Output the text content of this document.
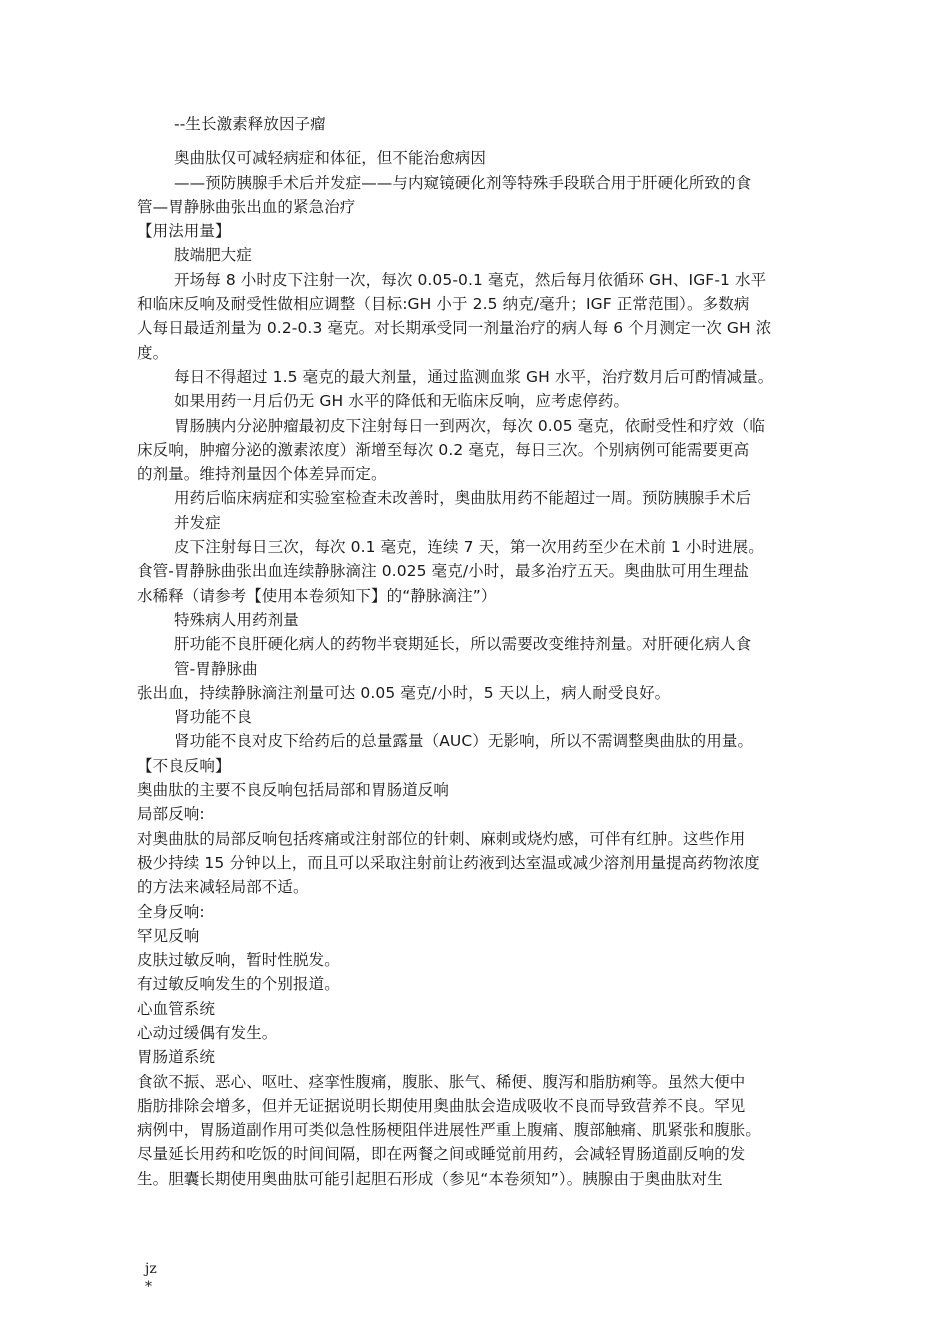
--生长激素释放因子瘤
奥曲肽仅可减轻病症和体征，但不能治愈病因
——预防胰腺手术后并发症——与内窥镜硬化剂等特殊手段联合用于肝硬化所致的食
管—胃静脉曲张出血的紧急治疗
【用法用量】
肢端肥大症
开场每 8 小时皮下注射一次，每次 0.05-0.1 毫克，然后每月依循环 GH、IGF-1 水平
和临床反响及耐受性做相应调整（目标:GH 小于 2.5 纳克/毫升；IGF 正常范围）。多数病
人每日最适剂量为 0.2-0.3 毫克。对长期承受同一剂量治疗的病人每 6 个月测定一次 GH 浓
度。
每日不得超过 1.5 毫克的最大剂量，通过监测血浆 GH 水平，治疗数月后可酌情减量。
如果用药一月后仍无 GH 水平的降低和无临床反响，应考虑停药。
胃肠胰内分泌肿瘤最初皮下注射每日一到两次，每次 0.05 毫克，依耐受性和疗效（临
床反响，肿瘤分泌的激素浓度）渐增至每次 0.2 毫克，每日三次。个别病例可能需要更高
的剂量。维持剂量因个体差异而定。
用药后临床病症和实验室检查未改善时，奥曲肽用药不能超过一周。预防胰腺手术后
并发症
皮下注射每日三次，每次 0.1 毫克，连续 7 天，第一次用药至少在术前 1 小时进展。
食管-胃静脉曲张出血连续静脉滴注 0.025 毫克/小时，最多治疗五天。奥曲肽可用生理盐
水稀释（请参考【使用本卷须知下】的“静脉滴注”）
特殊病人用药剂量
肝功能不良肝硬化病人的药物半衰期延长，所以需要改变维持剂量。对肝硬化病人食
管-胃静脉曲
张出血，持续静脉滴注剂量可达 0.05 毫克/小时，5 天以上，病人耐受良好。
肾功能不良
肾功能不良对皮下给药后的总量露量（AUC）无影响，所以不需调整奥曲肽的用量。
【不良反响】
奥曲肽的主要不良反响包括局部和胃肠道反响
局部反响:
对奥曲肽的局部反响包括疼痛或注射部位的针刺、麻刺或烧灼感，可伴有红肿。这些作用
极少持续 15 分钟以上，而且可以采取注射前让药液到达室温或减少溶剂用量提高药物浓度
的方法来减轻局部不适。
全身反响:
罕见反响
皮肤过敏反响，暂时性脱发。
有过敏反响发生的个别报道。
心血管系统
心动过缓偶有发生。
胃肠道系统
食欲不振、恶心、呕吐、痉挛性腹痛，腹胀、胀气、稀便、腹泻和脂肪痢等。虽然大便中
脂肪排除会增多，但并无证据说明长期使用奥曲肽会造成吸收不良而导致营养不良。罕见
病例中，胃肠道副作用可类似急性肠梗阻伴进展性严重上腹痛、腹部触痛、肌紧张和腹胀。
尽量延长用药和吃饭的时间间隔，即在两餐之间或睡觉前用药，会减轻胃肠道副反响的发
生。胆囊长期使用奥曲肽可能引起胆石形成（参见“本卷须知”）。胰腺由于奥曲肽对生
jz
*
